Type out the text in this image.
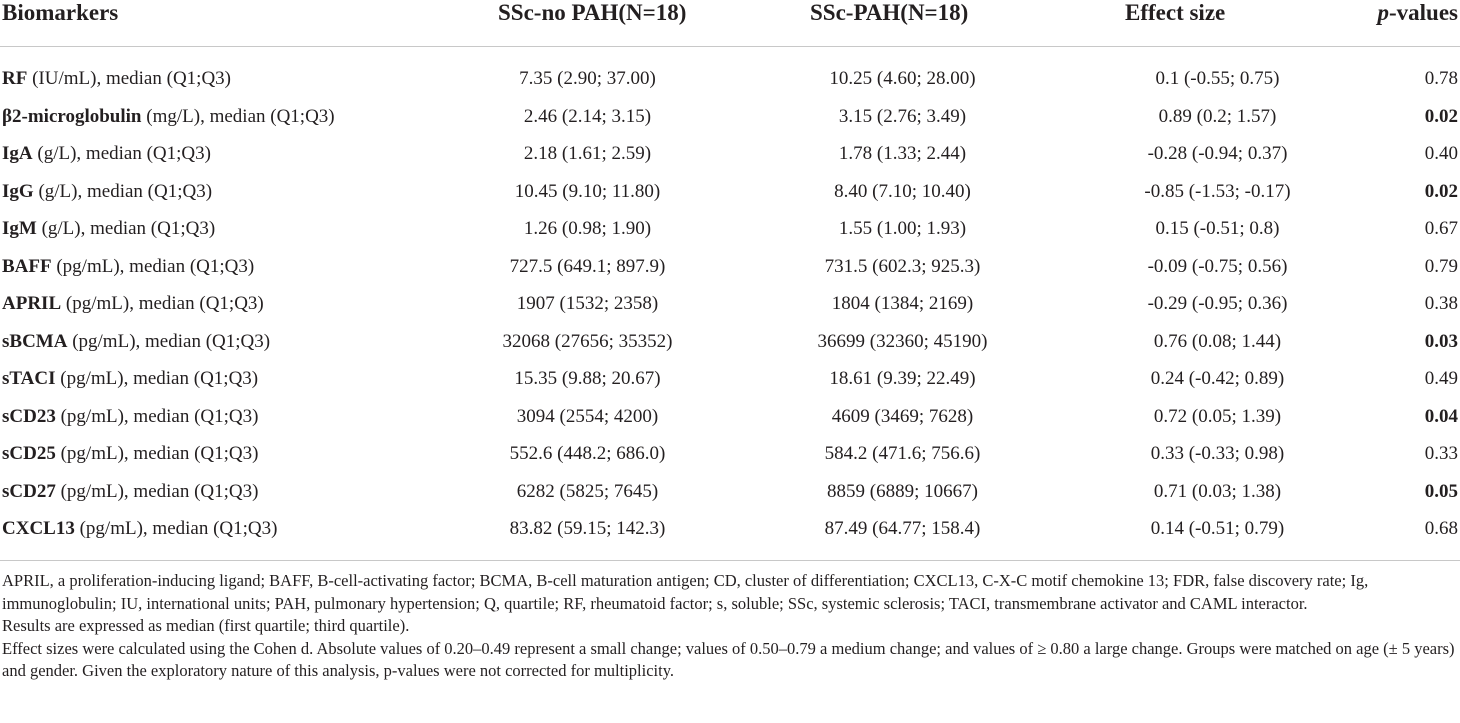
Biomarkers	SSc-no PAH(N=18)	SSc-PAH(N=18)	Effect size	p-values
RF (IU/mL), median (Q1;Q3)	7.35 (2.90; 37.00)	10.25 (4.60; 28.00)	0.1 (-0.55; 0.75)	0.78
β2-microglobulin (mg/L), median (Q1;Q3)	2.46 (2.14; 3.15)	3.15 (2.76; 3.49)	0.89 (0.2; 1.57)	0.02
IgA (g/L), median (Q1;Q3)	2.18 (1.61; 2.59)	1.78 (1.33; 2.44)	-0.28 (-0.94; 0.37)	0.40
IgG (g/L), median (Q1;Q3)	10.45 (9.10; 11.80)	8.40 (7.10; 10.40)	-0.85 (-1.53; -0.17)	0.02
IgM (g/L), median (Q1;Q3)	1.26 (0.98; 1.90)	1.55 (1.00; 1.93)	0.15 (-0.51; 0.8)	0.67
BAFF (pg/mL), median (Q1;Q3)	727.5 (649.1; 897.9)	731.5 (602.3; 925.3)	-0.09 (-0.75; 0.56)	0.79
APRIL (pg/mL), median (Q1;Q3)	1907 (1532; 2358)	1804 (1384; 2169)	-0.29 (-0.95; 0.36)	0.38
sBCMA (pg/mL), median (Q1;Q3)	32068 (27656; 35352)	36699 (32360; 45190)	0.76 (0.08; 1.44)	0.03
sTACI (pg/mL), median (Q1;Q3)	15.35 (9.88; 20.67)	18.61 (9.39; 22.49)	0.24 (-0.42; 0.89)	0.49
sCD23 (pg/mL), median (Q1;Q3)	3094 (2554; 4200)	4609 (3469; 7628)	0.72 (0.05; 1.39)	0.04
sCD25 (pg/mL), median (Q1;Q3)	552.6 (448.2; 686.0)	584.2 (471.6; 756.6)	0.33 (-0.33; 0.98)	0.33
sCD27 (pg/mL), median (Q1;Q3)	6282 (5825; 7645)	8859 (6889; 10667)	0.71 (0.03; 1.38)	0.05
CXCL13 (pg/mL), median (Q1;Q3)	83.82 (59.15; 142.3)	87.49 (64.77; 158.4)	0.14 (-0.51; 0.79)	0.68

APRIL, a proliferation-inducing ligand; BAFF, B-cell-activating factor; BCMA, B-cell maturation antigen; CD, cluster of differentiation; CXCL13, C-X-C motif chemokine 13; FDR, false discovery rate; Ig, immunoglobulin; IU, international units; PAH, pulmonary hypertension; Q, quartile; RF, rheumatoid factor; s, soluble; SSc, systemic sclerosis; TACI, transmembrane activator and CAML interactor.

Results are expressed as median (first quartile; third quartile).

Effect sizes were calculated using the Cohen d. Absolute values of 0.20–0.49 represent a small change; values of 0.50–0.79 a medium change; and values of ≥ 0.80 a large change. Groups were matched on age (± 5 years) and gender. Given the exploratory nature of this analysis, p-values were not corrected for multiplicity.
